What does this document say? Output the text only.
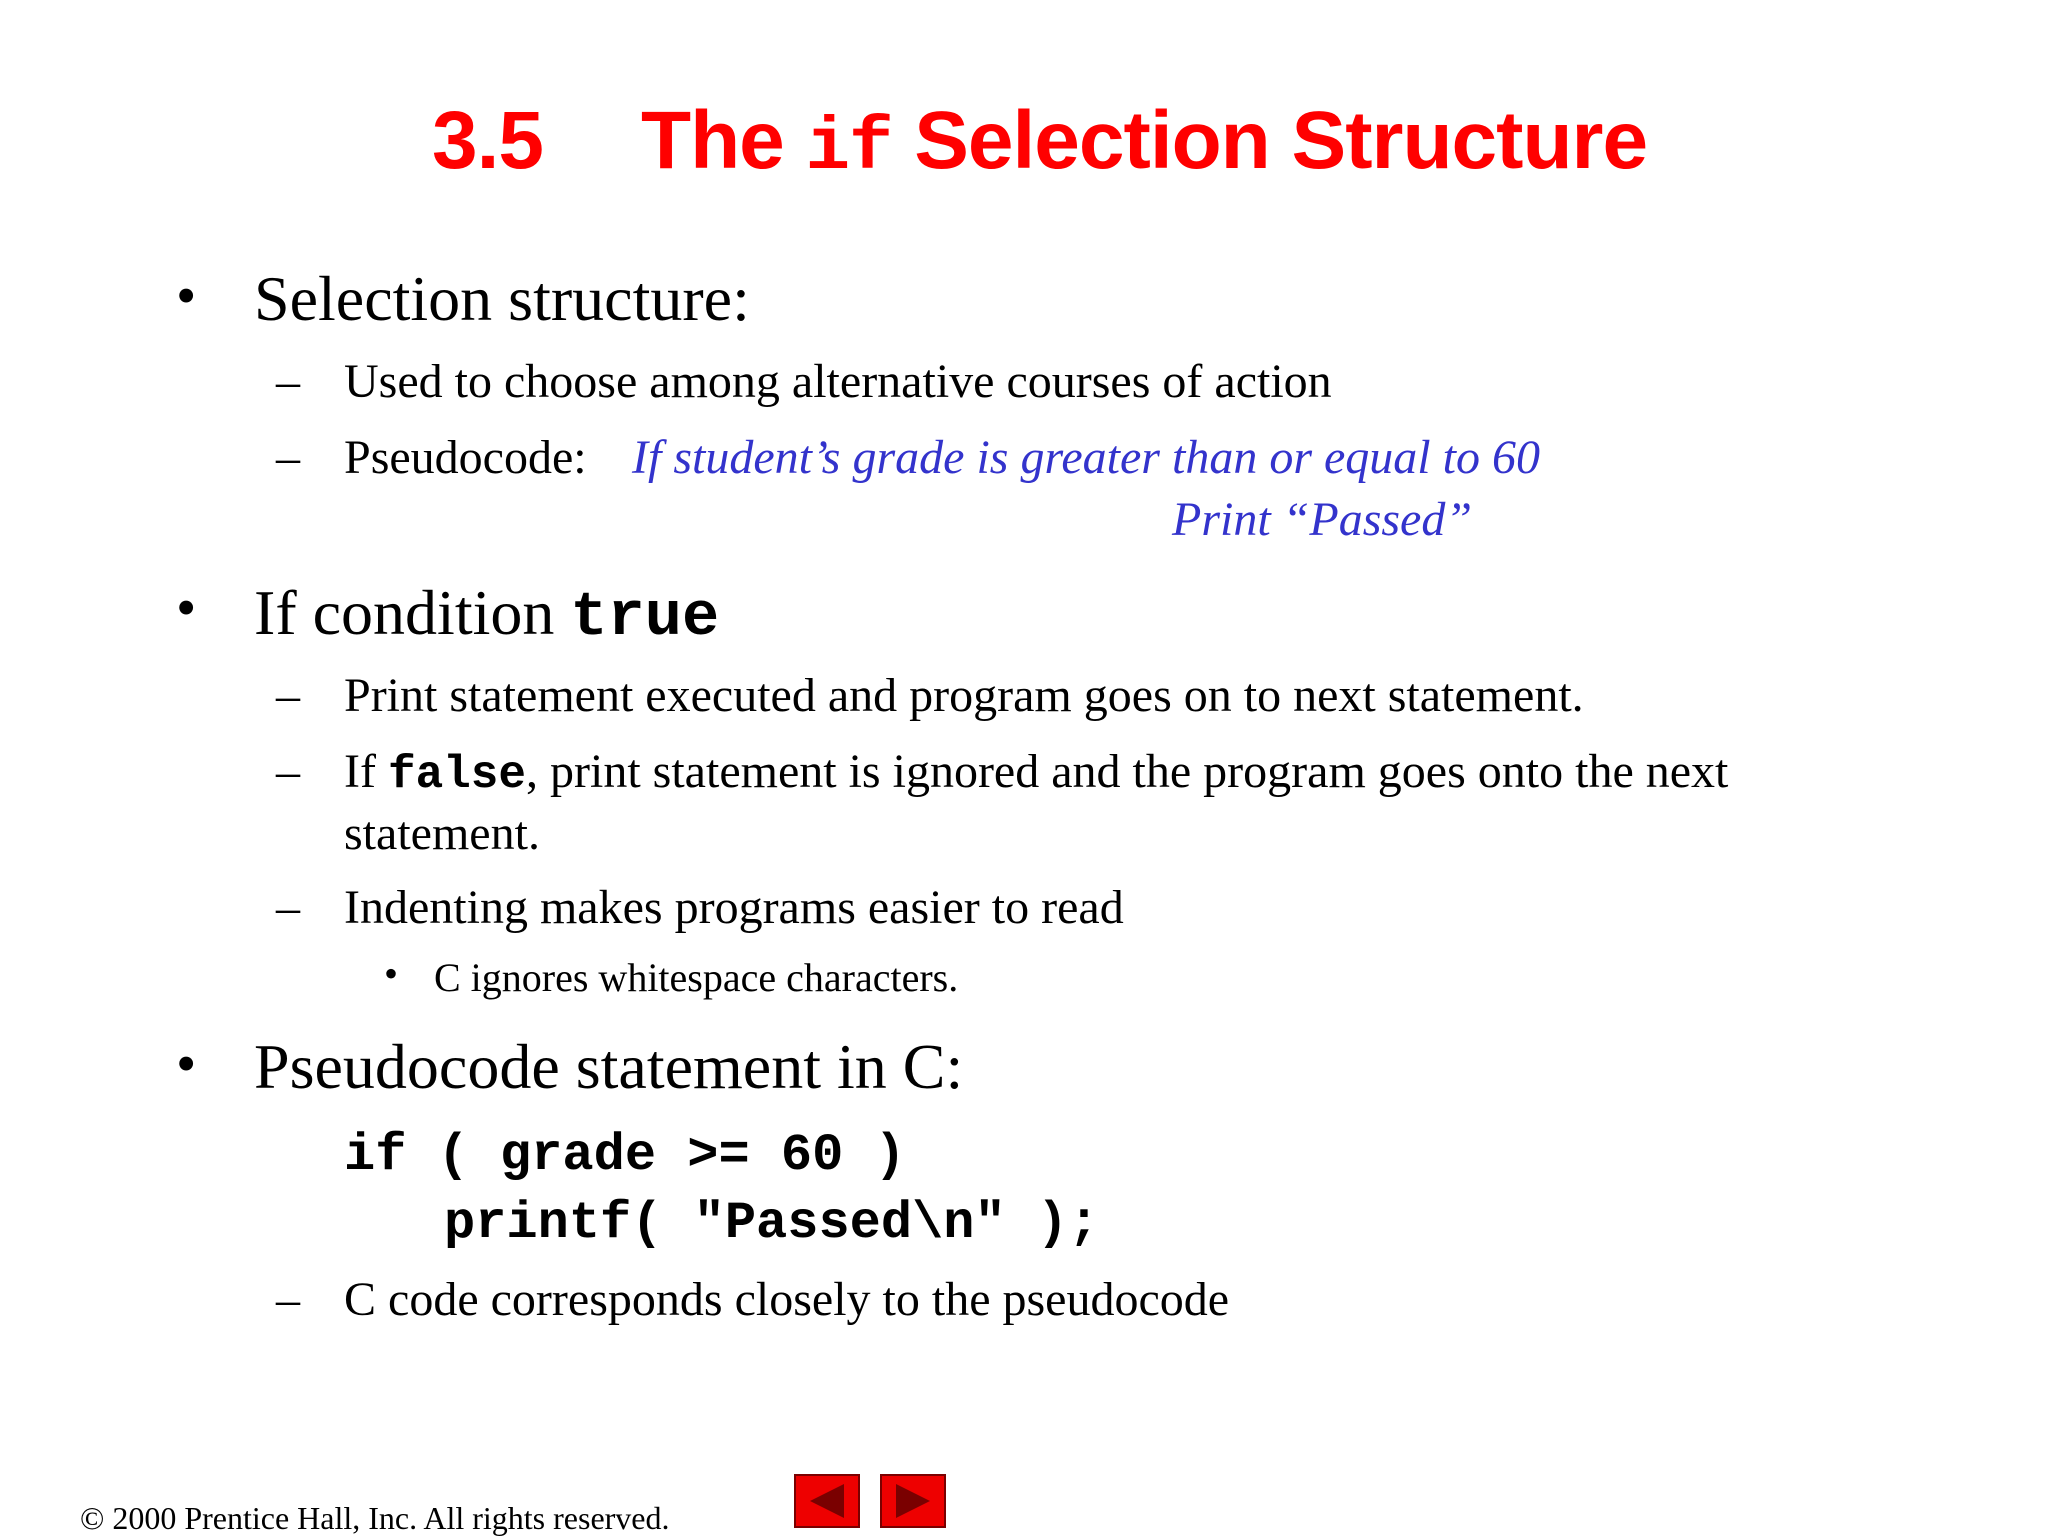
3.5 The if Selection Structure
• Selection structure:
– Used to choose among alternative courses of action
– Pseudocode: If student’s grade is greater than or equal to 60
Print “Passed”
• If condition true
– Print statement executed and program goes on to next statement.
– If false, print statement is ignored and the program goes onto the next
statement.
– Indenting makes programs easier to read
• C ignores whitespace characters.
• Pseudocode statement in C:
if ( grade >= 60 )
printf( "Passed\n" );
– C code corresponds closely to the pseudocode
© 2000 Prentice Hall, Inc. All rights reserved.
